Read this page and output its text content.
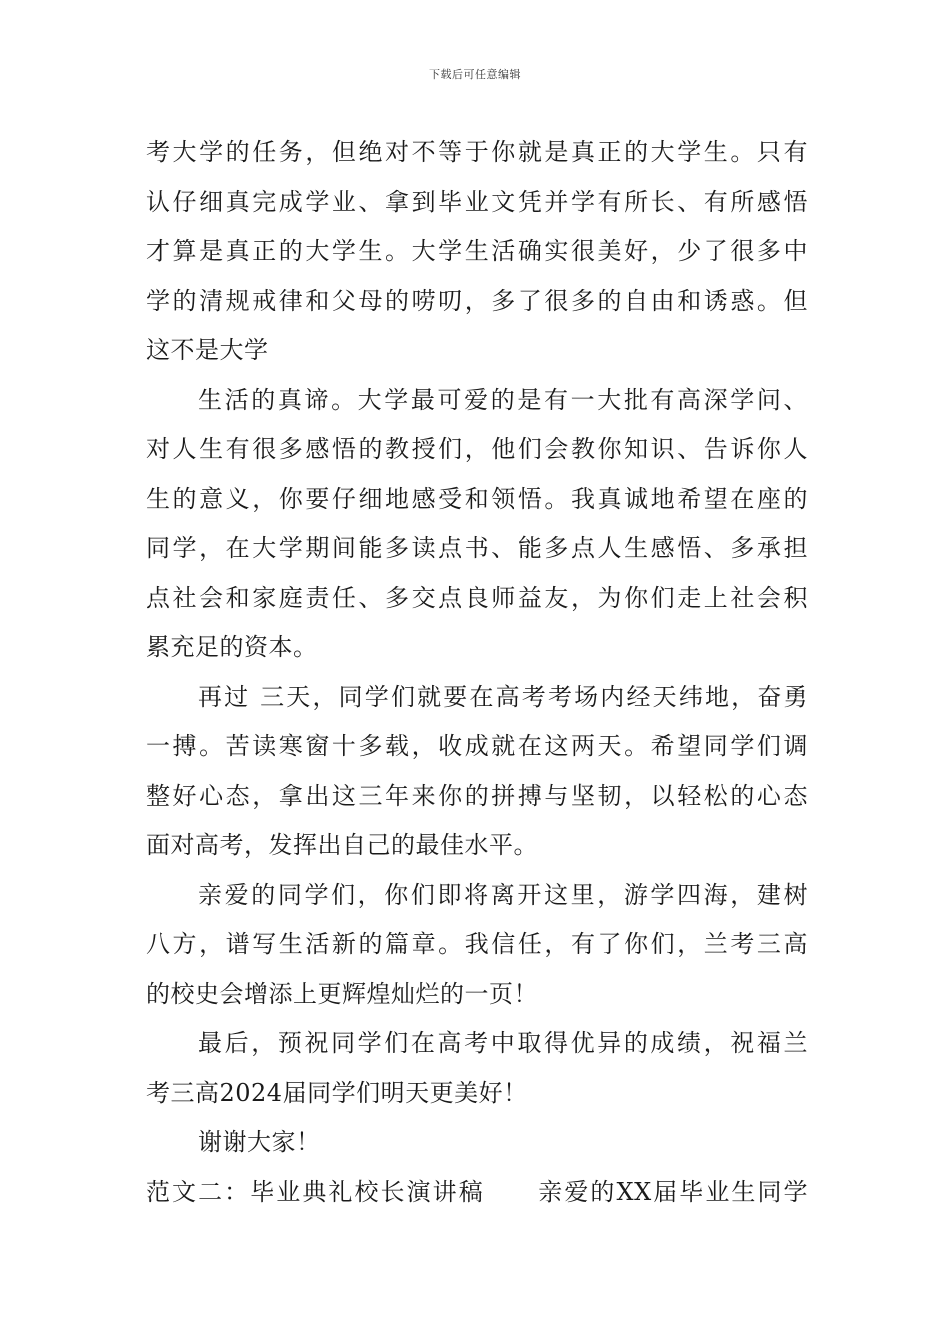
下载后可任意编辑
考大学的任务，但绝对不等于你就是真正的大学生。只有
认仔细真完成学业、拿到毕业文凭并学有所长、有所感悟
才算是真正的大学生。大学生活确实很美好，少了很多中
学的清规戒律和父母的唠叨，多了很多的自由和诱惑。但
这不是大学
生活的真谛。大学最可爱的是有一大批有高深学问、
对人生有很多感悟的教授们，他们会教你知识、告诉你人
生的意义，你要仔细地感受和领悟。我真诚地希望在座的
同学，在大学期间能多读点书、能多点人生感悟、多承担
点社会和家庭责任、多交点良师益友，为你们走上社会积
累充足的资本。
再过 三天，同学们就要在高考考场内经天纬地，奋勇
一搏。苦读寒窗十多载，收成就在这两天。希望同学们调
整好心态，拿出这三年来你的拼搏与坚韧，以轻松的心态
面对高考，发挥出自己的最佳水平。
亲爱的同学们，你们即将离开这里，游学四海，建树
八方，谱写生活新的篇章。我信任，有了你们，兰考三高
的校史会增添上更辉煌灿烂的一页！
最后，预祝同学们在高考中取得优异的成绩，祝福兰
考三高2024届同学们明天更美好！
谢谢大家！
范文二：毕业典礼校长演讲稿 亲爱的XX届毕业生同学
